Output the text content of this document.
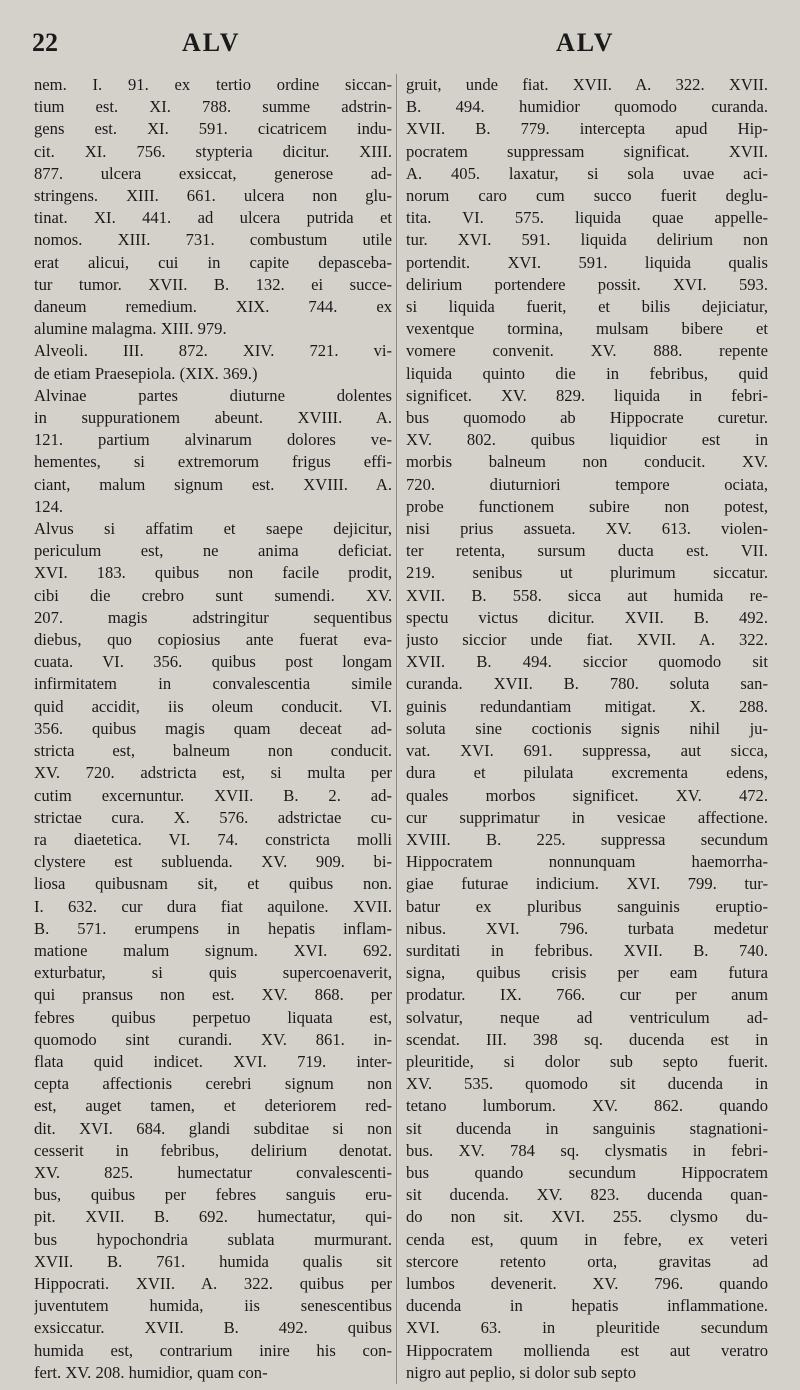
22	ALV	ALV
nem. I. 91. ex tertio ordine siccan-
tium est. XI. 788. summe adstrin-
gens est. XI. 591. cicatricem indu-
cit. XI. 756. stypteria dicitur. XIII.
877. ulcera exsiccat, generose ad-
stringens. XIII. 661. ulcera non glu-
tinat. XI. 441. ad ulcera putrida et
nomos. XIII. 731. combustum utile
erat alicui, cui in capite depasceba-
tur tumor. XVII. B. 132. ei succe-
daneum remedium. XIX. 744. ex
alumine malagma. XIII. 979.
Alveoli. III. 872. XIV. 721. vi-
de etiam Praesepiola. (XIX. 369.)
Alvinae partes diuturne dolentes
in suppurationem abeunt. XVIII. A.
121. partium alvinarum dolores ve-
hementes, si extremorum frigus effi-
ciant, malum signum est. XVIII. A.
124.
Alvus si affatim et saepe dejicitur,
periculum est, ne anima deficiat.
XVI. 183. quibus non facile prodit,
cibi die crebro sunt sumendi. XV.
207. magis adstringitur sequentibus
diebus, quo copiosius ante fuerat eva-
cuata. VI. 356. quibus post longam
infirmitatem in convalescentia simile
quid accidit, iis oleum conducit. VI.
356. quibus magis quam deceat ad-
stricta est, balneum non conducit.
XV. 720. adstricta est, si multa per
cutim excernuntur. XVII. B. 2. ad-
strictae cura. X. 576. adstrictae cu-
ra diaetetica. VI. 74. constricta molli
clystere est subluenda. XV. 909. bi-
liosa quibusnam sit, et quibus non.
I. 632. cur dura fiat aquilone. XVII.
B. 571. erumpens in hepatis inflam-
matione malum signum. XVI. 692.
exturbatur, si quis supercoenaverit,
qui pransus non est. XV. 868. per
febres quibus perpetuo liquata est,
quomodo sint curandi. XV. 861. in-
flata quid indicet. XVI. 719. inter-
cepta affectionis cerebri signum non
est, auget tamen, et deteriorem red-
dit. XVI. 684. glandi subditae si non
cesserit in febribus, delirium denotat.
XV. 825. humectatur convalescenti-
bus, quibus per febres sanguis eru-
pit. XVII. B. 692. humectatur, qui-
bus hypochondria sublata murmurant.
XVII. B. 761. humida qualis sit
Hippocrati. XVII. A. 322. quibus per
juventutem humida, iis senescentibus
exsiccatur. XVII. B. 492. quibus
humida est, contrarium inire his con-
fert. XV. 208. humidior, quam con-
gruit, unde fiat. XVII. A. 322. XVII.
B. 494. humidior quomodo curanda.
XVII. B. 779. intercepta apud Hip-
pocratem suppressam significat. XVII.
A. 405. laxatur, si sola uvae aci-
norum caro cum succo fuerit deglu-
tita. VI. 575. liquida quae appelle-
tur. XVI. 591. liquida delirium non
portendit. XVI. 591. liquida qualis
delirium portendere possit. XVI. 593.
si liquida fuerit, et bilis dejiciatur,
vexentque tormina, mulsam bibere et
vomere convenit. XV. 888. repente
liquida quinto die in febribus, quid
significet. XV. 829. liquida in febri-
bus quomodo ab Hippocrate curetur.
XV. 802. quibus liquidior est in
morbis balneum non conducit. XV.
720. diuturniori tempore ociata,
probe functionem subire non potest,
nisi prius assueta. XV. 613. violen-
ter retenta, sursum ducta est. VII.
219. senibus ut plurimum siccatur.
XVII. B. 558. sicca aut humida re-
spectu victus dicitur. XVII. B. 492.
justo siccior unde fiat. XVII. A. 322.
XVII. B. 494. siccior quomodo sit
curanda. XVII. B. 780. soluta san-
guinis redundantiam mitigat. X. 288.
soluta sine coctionis signis nihil ju-
vat. XVI. 691. suppressa, aut sicca,
dura et pilulata excrementa edens,
quales morbos significet. XV. 472.
cur supprimatur in vesicae affectione.
XVIII. B. 225. suppressa secundum
Hippocratem nonnunquam haemorrha-
giae futurae indicium. XVI. 799. tur-
batur ex pluribus sanguinis eruptio-
nibus. XVI. 796. turbata medetur
surditati in febribus. XVII. B. 740.
signa, quibus crisis per eam futura
prodatur. IX. 766. cur per anum
solvatur, neque ad ventriculum ad-
scendat. III. 398 sq. ducenda est in
pleuritide, si dolor sub septo fuerit.
XV. 535. quomodo sit ducenda in
tetano lumborum. XV. 862. quando
sit ducenda in sanguinis stagnationi-
bus. XV. 784 sq. clysmatis in febri-
bus quando secundum Hippocratem
sit ducenda. XV. 823. ducenda quan-
do non sit. XVI. 255. clysmo du-
cenda est, quum in febre, ex veteri
stercore retento orta, gravitas ad
lumbos devenerit. XV. 796. quando
ducenda in hepatis inflammatione.
XVI. 63. in pleuritide secundum
Hippocratem mollienda est aut veratro
nigro aut peplio, si dolor sub septo
